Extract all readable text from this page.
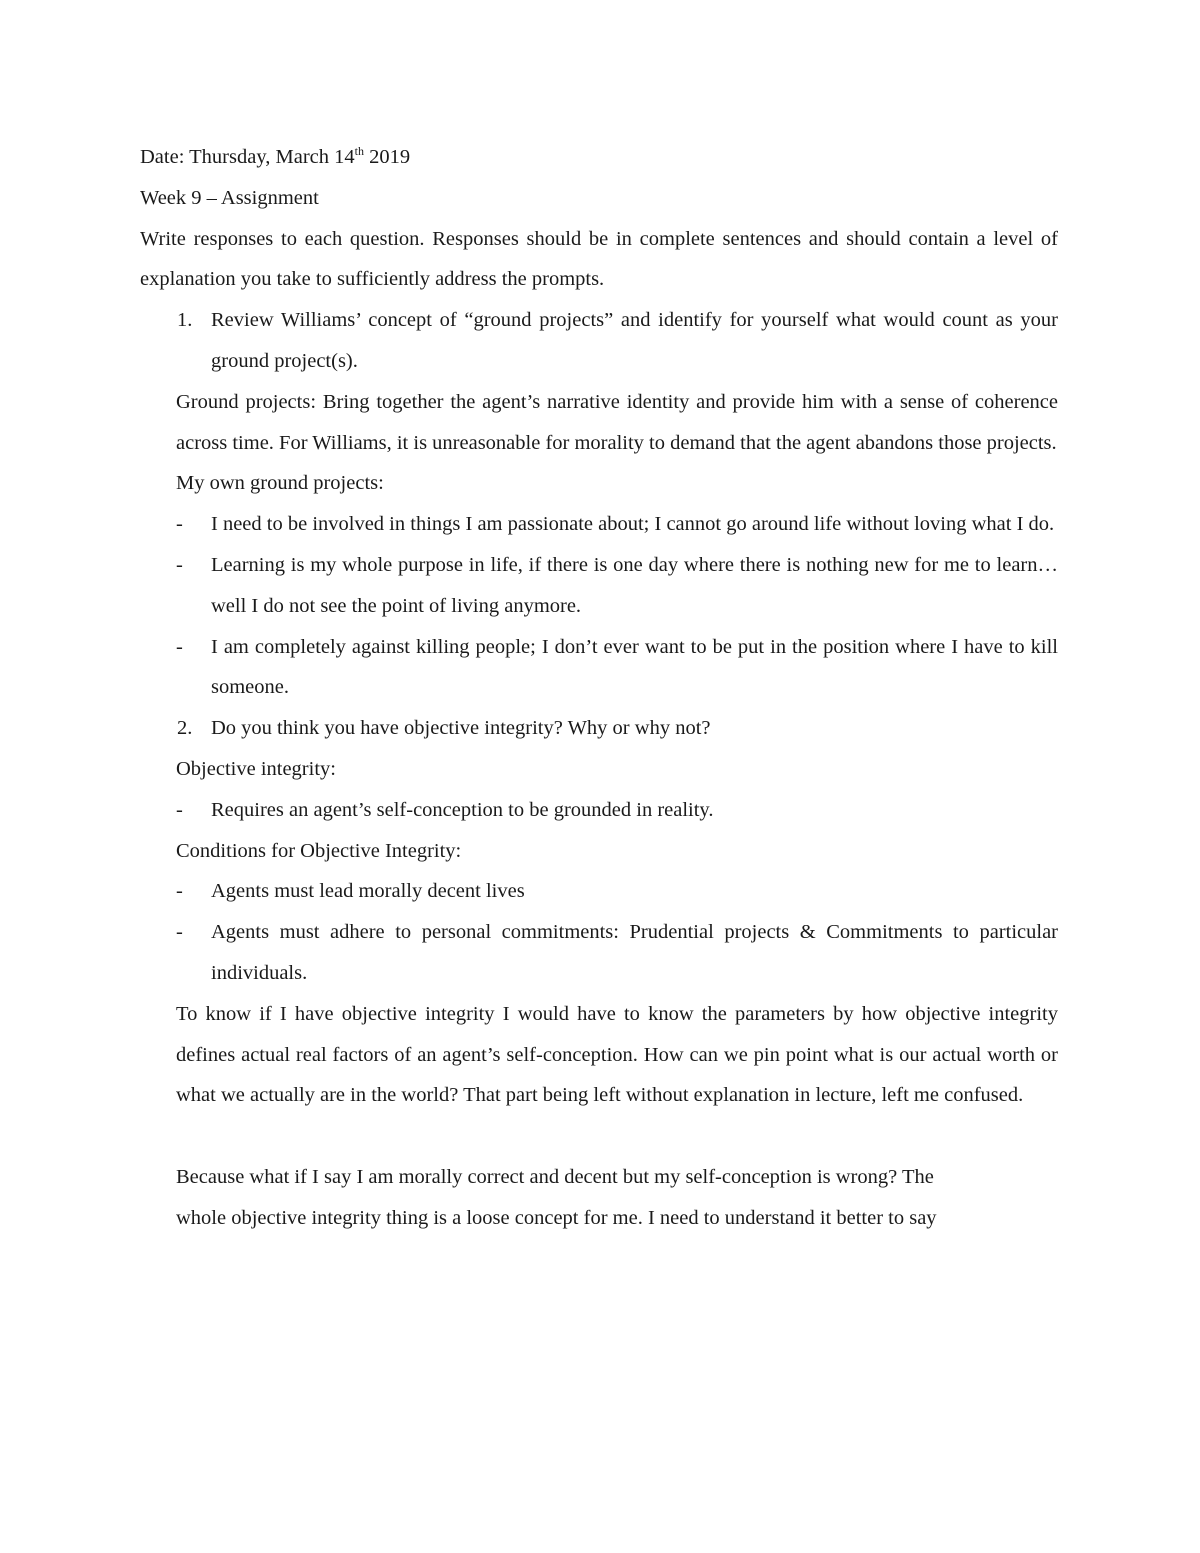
Date: Thursday, March 14th 2019

Week 9 – Assignment

Write responses to each question. Responses should be in complete sentences and should contain a level of explanation you take to sufficiently address the prompts.

1. Review Williams’ concept of “ground projects” and identify for yourself what would count as your ground project(s).

Ground projects: Bring together the agent’s narrative identity and provide him with a sense of coherence across time. For Williams, it is unreasonable for morality to demand that the agent abandons those projects.

My own ground projects:

- I need to be involved in things I am passionate about; I cannot go around life without loving what I do.

- Learning is my whole purpose in life, if there is one day where there is nothing new for me to learn…well I do not see the point of living anymore.

- I am completely against killing people; I don’t ever want to be put in the position where I have to kill someone.

2. Do you think you have objective integrity? Why or why not?

Objective integrity:

- Requires an agent’s self-conception to be grounded in reality.

Conditions for Objective Integrity:

- Agents must lead morally decent lives

- Agents must adhere to personal commitments: Prudential projects & Commitments to particular individuals.

To know if I have objective integrity I would have to know the parameters by how objective integrity defines actual real factors of an agent’s self-conception. How can we pin point what is our actual worth or what we actually are in the world? That part being left without explanation in lecture, left me confused.

Because what if I say I am morally correct and decent but my self-conception is wrong? The

whole objective integrity thing is a loose concept for me. I need to understand it better to say
